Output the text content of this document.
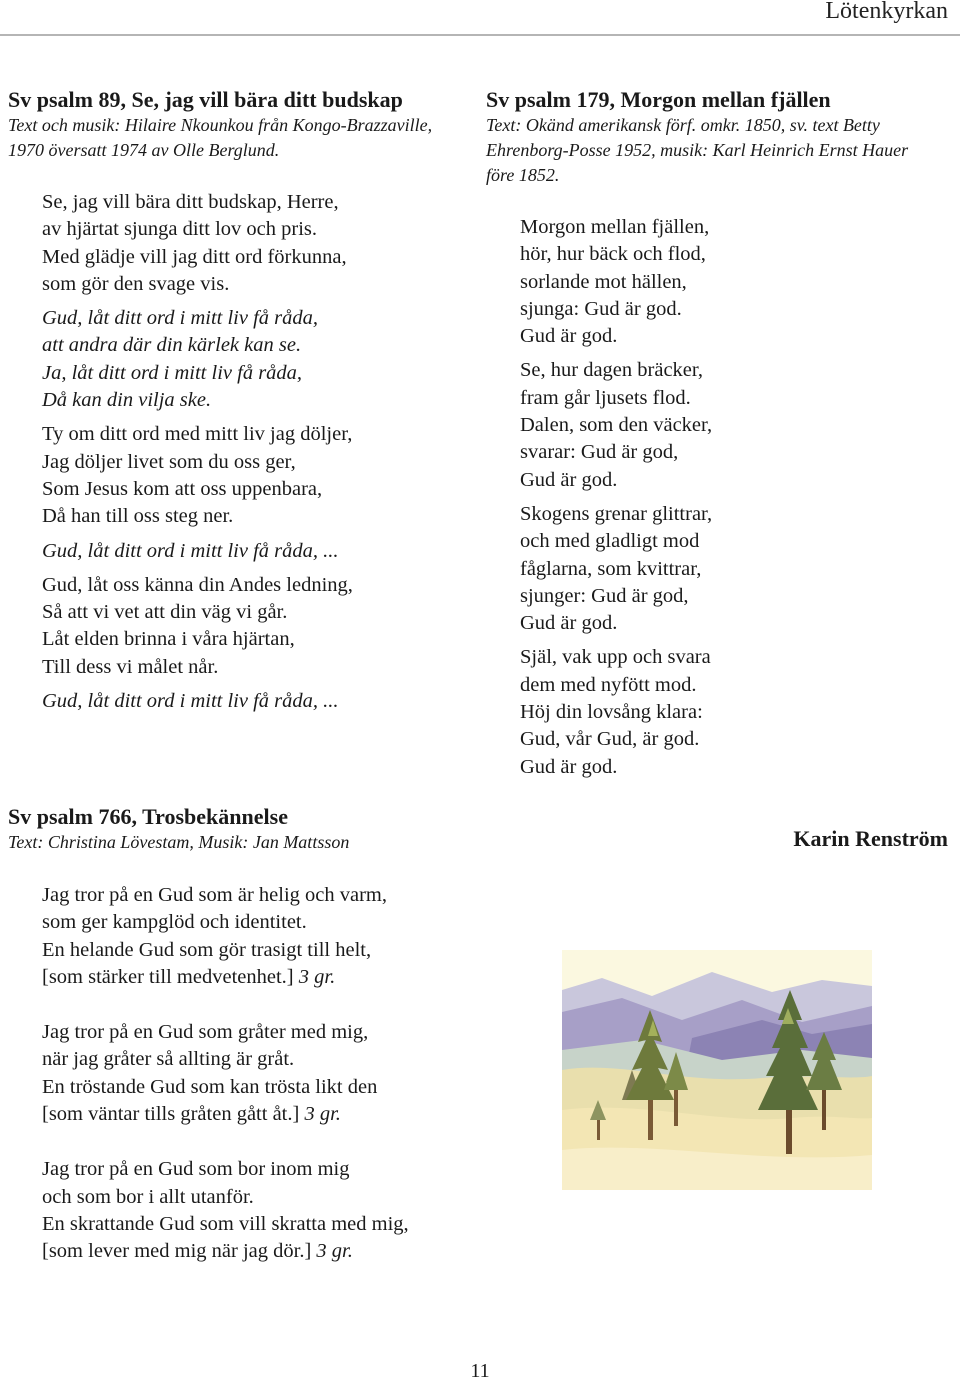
Lötenkyrkan

Sv psalm 89, Se, jag vill bära ditt budskap

Text och musik: Hilaire Nkounkou från Kongo-Brazzaville,
1970 översatt 1974 av Olle Berglund.

Se, jag vill bära ditt budskap, Herre,
av hjärtat sjunga ditt lov och pris.
Med glädje vill jag ditt ord förkunna,
som gör den svage vis.

Gud, låt ditt ord i mitt liv få råda,
att andra där din kärlek kan se.
Ja, låt ditt ord i mitt liv få råda,
Då kan din vilja ske.

Ty om ditt ord med mitt liv jag döljer,
Jag döljer livet som du oss ger,
Som Jesus kom att oss uppenbara,
Då han till oss steg ner.

Gud, låt ditt ord i mitt liv få råda, ...

Gud, låt oss känna din Andes ledning,
Så att vi vet att din väg vi går.
Låt elden brinna i våra hjärtan,
Till dess vi målet når.

Gud, låt ditt ord i mitt liv få råda, ...

Sv psalm 179, Morgon mellan fjällen

Text: Okänd amerikansk förf. omkr. 1850, sv. text Betty
Ehrenborg-Posse 1952, musik: Karl Heinrich Ernst Hauer
före 1852.

Morgon mellan fjällen,
hör, hur bäck och flod,
sorlande mot hällen,
sjunga: Gud är god.
Gud är god.

Se, hur dagen bräcker,
fram går ljusets flod.
Dalen, som den väcker,
svarar: Gud är god,
Gud är god.

Skogens grenar glittrar,
och med gladligt mod
fåglarna, som kvittrar,
sjunger: Gud är god,
Gud är god.

Själ, vak upp och svara
dem med nyfött mod.
Höj din lovsång klara:
Gud, vår Gud, är god.
Gud är god.

Sv psalm 766, Trosbekännelse

Text: Christina Lövestam, Musik: Jan Mattsson

Jag tror på en Gud som är helig och varm,
som ger kampglöd och identitet.
En helande Gud som gör trasigt till helt,
[som stärker till medvetenhet.] 3 gr.

Jag tror på en Gud som gråter med mig,
när jag gråter så allting är gråt.
En tröstande Gud som kan trösta likt den
[som väntar tills gråten gått åt.] 3 gr.

Jag tror på en Gud som bor inom mig
och som bor i allt utanför.
En skrattande Gud som vill skratta med mig,
[som lever med mig när jag dör.] 3 gr.

Karin Renström
11
